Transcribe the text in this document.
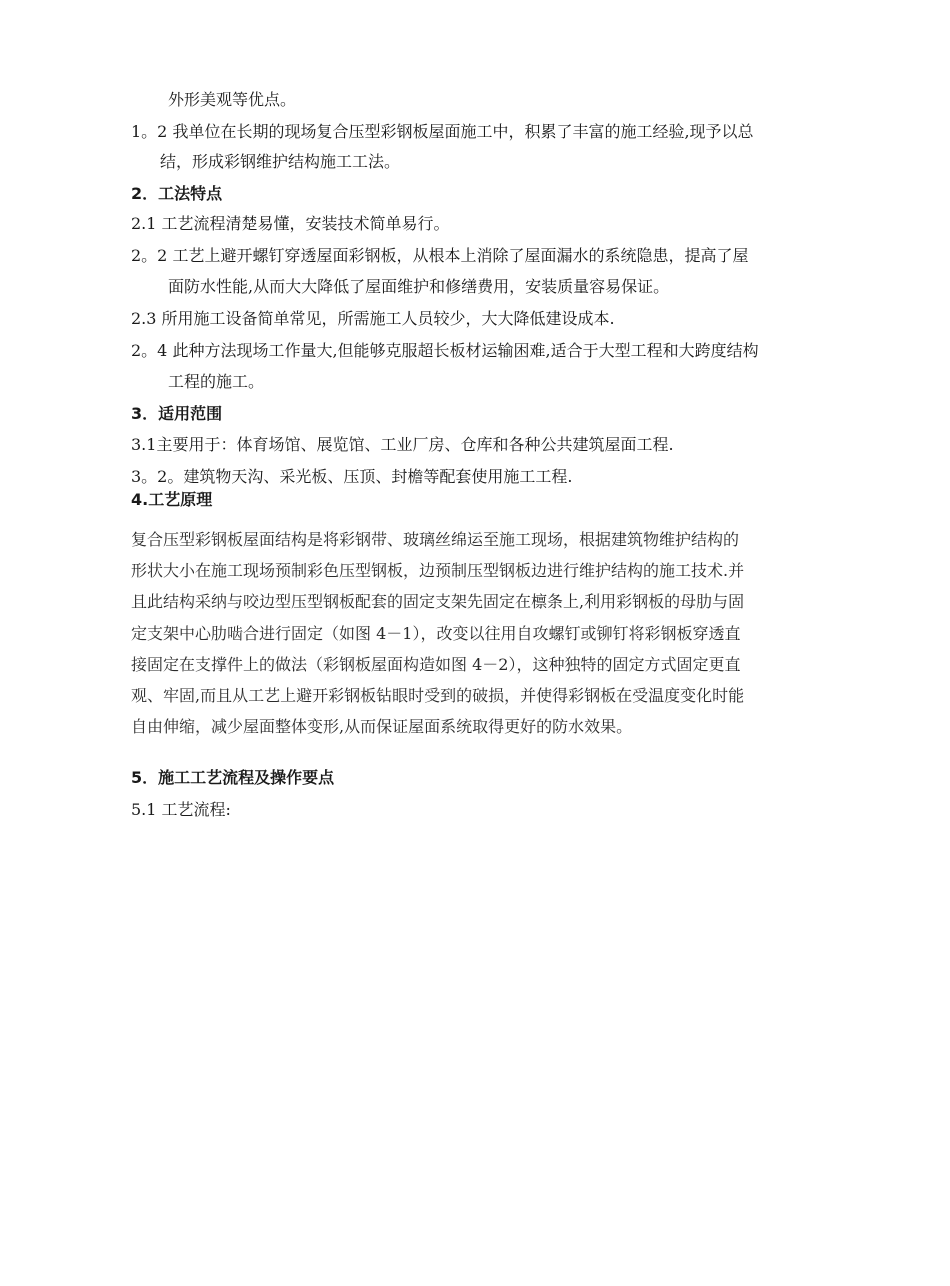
外形美观等优点。
1。2 我单位在长期的现场复合压型彩钢板屋面施工中，积累了丰富的施工经验,现予以总
结，形成彩钢维护结构施工工法。
2．工法特点
2.1 工艺流程清楚易懂，安装技术简单易行。
2。2 工艺上避开螺钉穿透屋面彩钢板，从根本上消除了屋面漏水的系统隐患，提高了屋
面防水性能,从而大大降低了屋面维护和修缮费用，安装质量容易保证。
2.3 所用施工设备简单常见，所需施工人员较少，大大降低建设成本.
2。4 此种方法现场工作量大,但能够克服超长板材运输困难,适合于大型工程和大跨度结构
工程的施工。
3．适用范围
3.1主要用于：体育场馆、展览馆、工业厂房、仓库和各种公共建筑屋面工程.
3。2。建筑物天沟、采光板、压顶、封檐等配套使用施工工程.
4.工艺原理
复合压型彩钢板屋面结构是将彩钢带、玻璃丝绵运至施工现场，根据建筑物维护结构的
形状大小在施工现场预制彩色压型钢板，边预制压型钢板边进行维护结构的施工技术.并
且此结构采纳与咬边型压型钢板配套的固定支架先固定在檩条上,利用彩钢板的母肋与固
定支架中心肋啮合进行固定（如图 4－1），改变以往用自攻螺钉或铆钉将彩钢板穿透直
接固定在支撑件上的做法（彩钢板屋面构造如图 4－2），这种独特的固定方式固定更直
观、牢固,而且从工艺上避开彩钢板钻眼时受到的破损，并使得彩钢板在受温度变化时能
自由伸缩，减少屋面整体变形,从而保证屋面系统取得更好的防水效果。
5．施工工艺流程及操作要点
5.1 工艺流程:
